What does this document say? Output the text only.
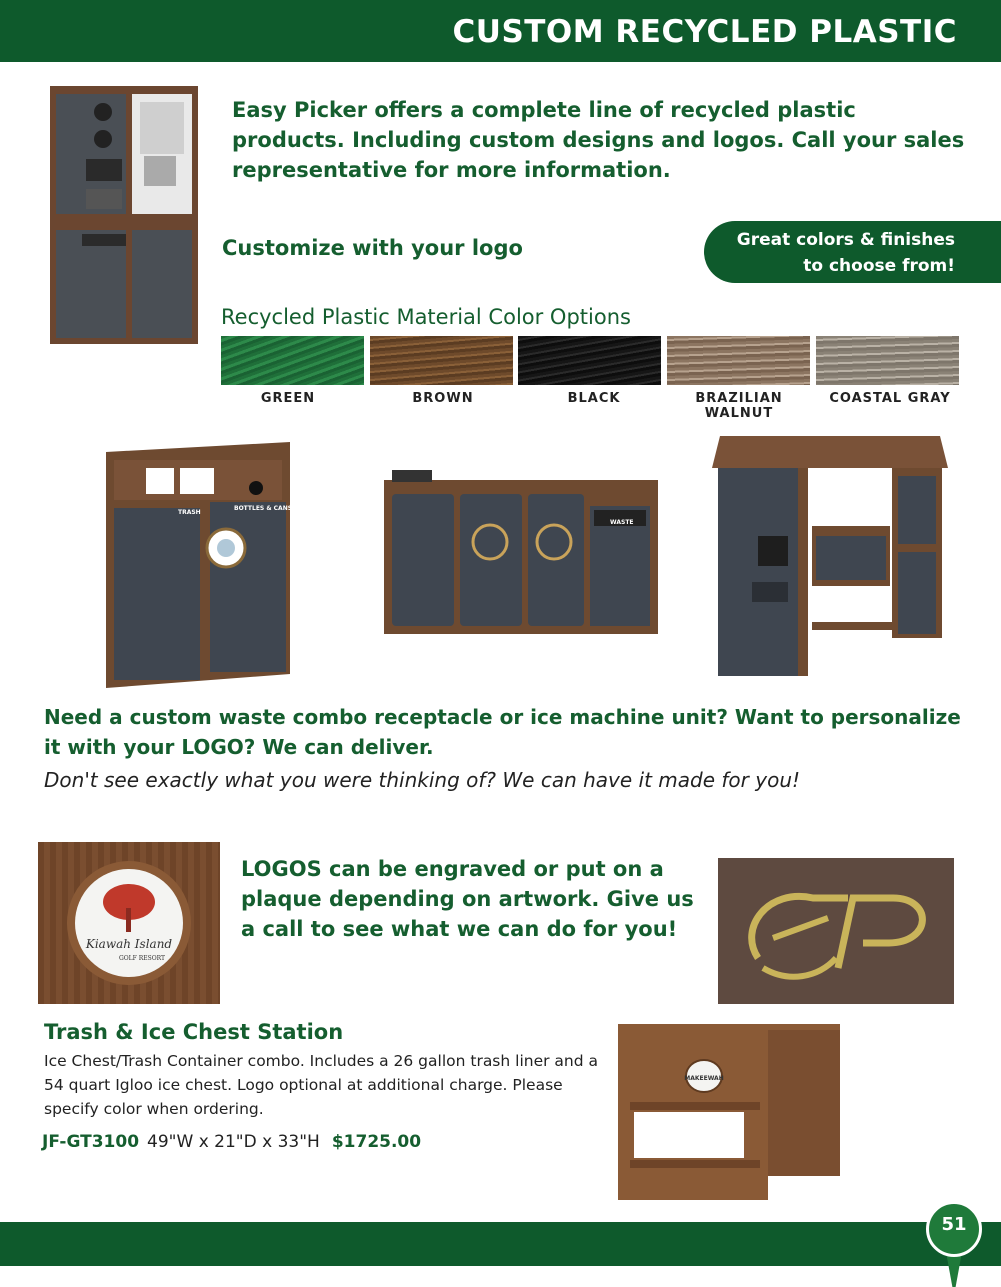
CUSTOM RECYCLED PLASTIC
Easy Picker offers a complete line of recycled plastic products. Including custom designs and logos. Call your sales representative for more information.
Customize with your logo	Great colors & finishes
to choose from!
Recycled Plastic Material Color Options
GREEN	BROWN	BLACK	BRAZILIAN WALNUT
COASTAL GRAY
TRASH
BOTTLES & CANS
WASTE
Need a custom waste combo receptacle or ice machine unit? Want to personalize it with your LOGO? We can deliver.
Don't see exactly what you were thinking of? We can have it made for you!
Kiawah Island
GOLF RESORT
LOGOS can be engraved or put on a plaque depending on artwork. Give us a call to see what we can do for you!
Trash & Ice Chest Station
Ice Chest/Trash Container combo. Includes a 26 gallon trash liner and a 54 quart Igloo ice chest. Logo optional at additional charge. Please specify color when ordering.
JF-GT3100 49"W x 21"D x 33"H $1725.00
MAKEEWAH
51
